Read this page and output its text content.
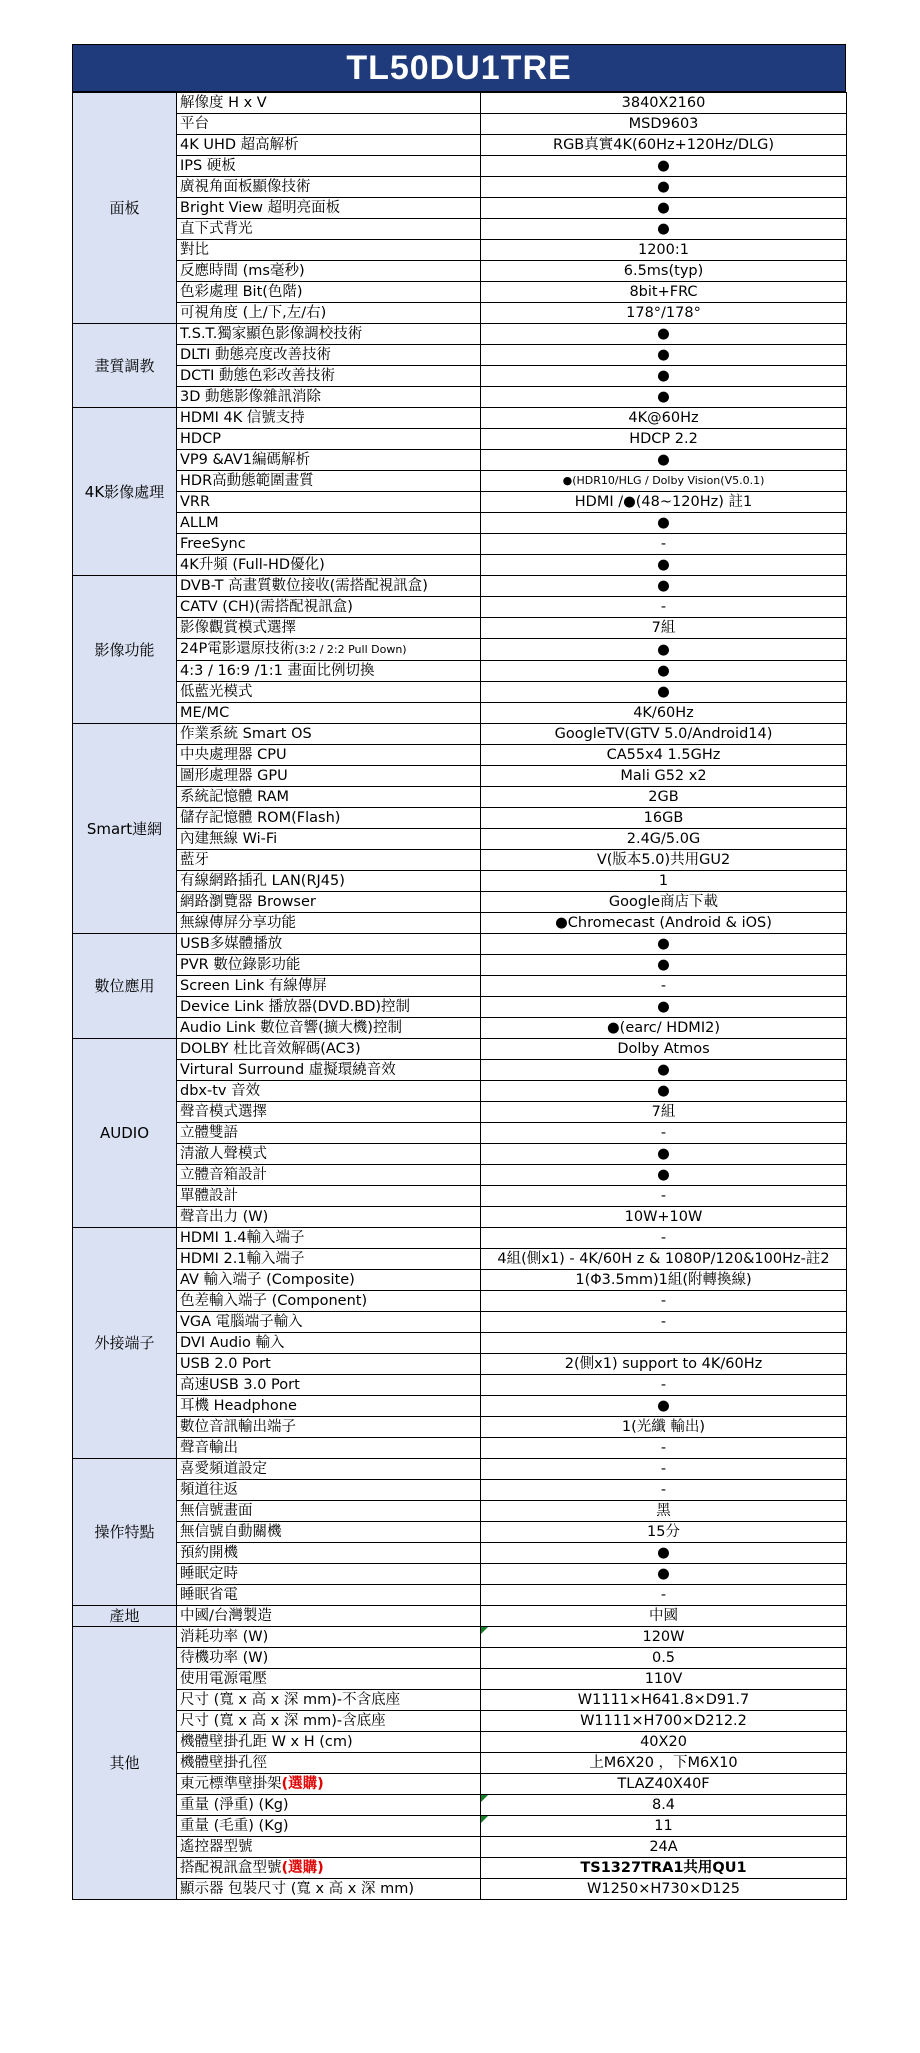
TL50DU1TRE
面板	解像度 H x V	3840X2160
	平台	MSD9603
	4K UHD 超高解析	RGB真實4K(60Hz+120Hz/DLG)
	IPS 硬板	●
	廣視角面板顯像技術	●
	Bright View 超明亮面板	●
	直下式背光	●
	對比	1200:1
	反應時間 (ms毫秒)	6.5ms(typ)
	色彩處理 Bit(色階)	8bit+FRC
	可視角度 (上/下,左/右)	178°/178°
畫質調教	T.S.T.獨家顯色影像調校技術	●
	DLTI 動態亮度改善技術	●
	DCTI 動態色彩改善技術	●
	3D 動態影像雜訊消除	●
4K影像處理	HDMI 4K 信號支持	4K@60Hz
	HDCP	HDCP 2.2
	VP9 &AV1編碼解析	●
	HDR高動態範圍畫質	●(HDR10/HLG / Dolby Vision(V5.0.1)
	VRR	HDMI /●(48~120Hz) 註1
	ALLM	●
	FreeSync	-
	4K升頻 (Full-HD優化)	●
影像功能	DVB-T 高畫質數位接收(需搭配視訊盒)	●
	CATV (CH)(需搭配視訊盒)	-
	影像觀賞模式選擇	7組
	24P電影還原技術(3:2 / 2:2 Pull Down)	●
	4:3 / 16:9 /1:1 畫面比例切換	●
	低藍光模式	●
	ME/MC	4K/60Hz
Smart連網	作業系統 Smart OS	GoogleTV(GTV 5.0/Android14)
	中央處理器 CPU	CA55x4 1.5GHz
	圖形處理器 GPU	Mali G52 x2
	系統記憶體 RAM	2GB
	儲存記憶體 ROM(Flash)	16GB
	內建無線 Wi-Fi	2.4G/5.0G
	藍牙	V(版本5.0)共用GU2
	有線網路插孔 LAN(RJ45)	1
	網路瀏覽器 Browser	Google商店下載
	無線傳屏分享功能	●Chromecast (Android & iOS)
數位應用	USB多媒體播放	●
	PVR 數位錄影功能	●
	Screen Link 有線傳屏	-
	Device Link 播放器(DVD.BD)控制	●
	Audio Link 數位音響(擴大機)控制	●(earc/ HDMI2)
AUDIO	DOLBY 杜比音效解碼(AC3)	Dolby Atmos
	Virtural Surround 虛擬環繞音效	●
	dbx-tv 音效	●
	聲音模式選擇	7組
	立體雙語	-
	清澈人聲模式	●
	立體音箱設計	●
	單體設計	-
	聲音出力 (W)	10W+10W
外接端子	HDMI 1.4輸入端子	-
	HDMI 2.1輸入端子	4組(側x1) - 4K/60H z & 1080P/120&100Hz-註2
	AV 輸入端子 (Composite)	1(Φ3.5mm)1組(附轉換線)
	色差輸入端子 (Component)	-
	VGA 電腦端子輸入	-
	DVI Audio 輸入	
	USB 2.0 Port	2(側x1) support to 4K/60Hz
	高速USB 3.0 Port	-
	耳機 Headphone	●
	數位音訊輸出端子	1(光纖 輸出)
	聲音輸出	-
操作特點	喜愛頻道設定	-
	頻道往返	-
	無信號畫面	黑
	無信號自動關機	15分
	預約開機	●
	睡眠定時	●
	睡眠省電	-
產地	中國/台灣製造	中國
其他	消耗功率 (W)	120W
	待機功率 (W)	0.5
	使用電源電壓	110V
	尺寸 (寬 x 高 x 深 mm)-不含底座	W1111×H641.8×D91.7
	尺寸 (寬 x 高 x 深 mm)-含底座	W1111×H700×D212.2
	機體壁掛孔距 W x H (cm)	40X20
	機體壁掛孔徑	上M6X20 ，下M6X10
	東元標準壁掛架(選購)	TLAZ40X40F
	重量 (淨重) (Kg)	8.4
	重量 (毛重) (Kg)	11
	遙控器型號	24A
	搭配視訊盒型號(選購)	TS1327TRA1共用QU1
	顯示器 包裝尺寸 (寬 x 高 x 深 mm)	W1250×H730×D125
